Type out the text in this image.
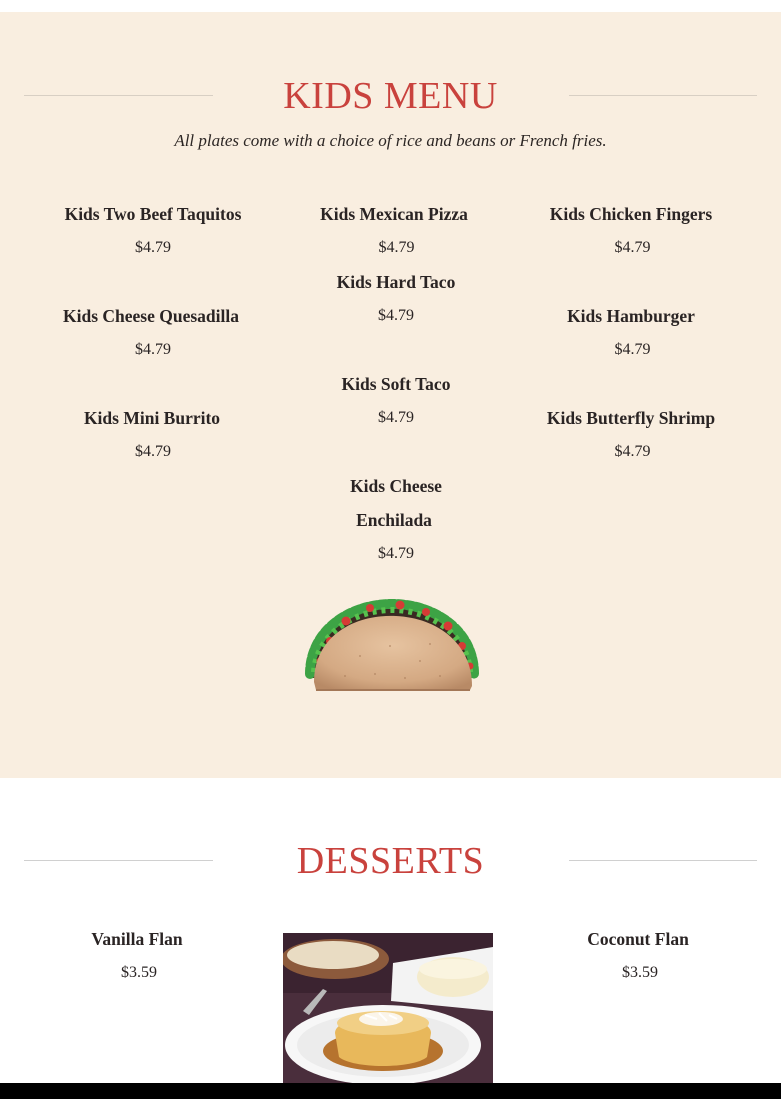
KIDS MENU
All plates come with a choice of rice and beans or French fries.
Kids Two Beef Taquitos
$4.79
Kids Cheese Quesadilla
$4.79
Kids Mini Burrito
$4.79
Kids Mexican Pizza
$4.79
Kids Hard Taco
$4.79
Kids Soft Taco
$4.79
Kids Cheese
Enchilada
$4.79
Kids Chicken Fingers
$4.79
Kids Hamburger
$4.79
Kids Butterfly Shrimp
$4.79
DESSERTS
Vanilla Flan
$3.59
Coconut Flan
$3.59
